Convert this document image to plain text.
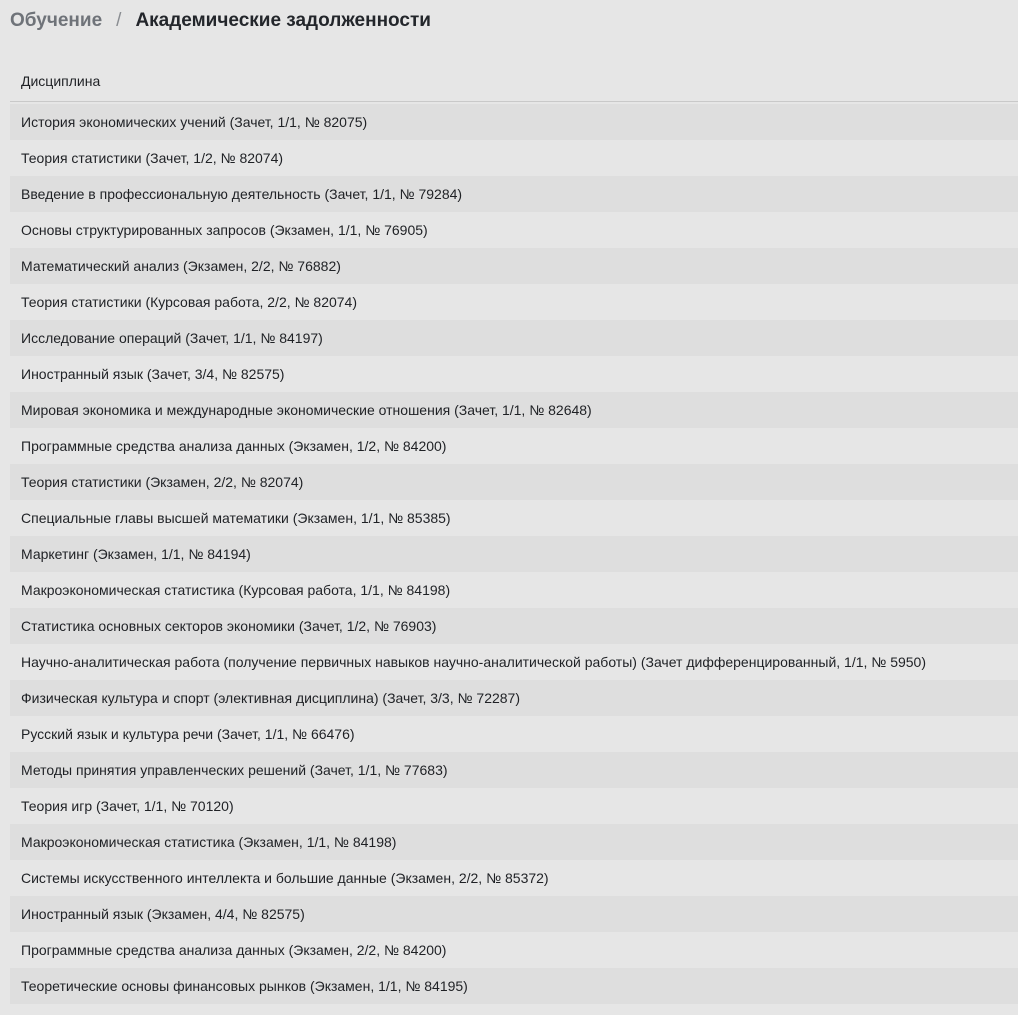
Обучение / Академические задолженности
Дисциплина
История экономических учений (Зачет, 1/1, № 82075)
Теория статистики (Зачет, 1/2, № 82074)
Введение в профессиональную деятельность (Зачет, 1/1, № 79284)
Основы структурированных запросов (Экзамен, 1/1, № 76905)
Математический анализ (Экзамен, 2/2, № 76882)
Теория статистики (Курсовая работа, 2/2, № 82074)
Исследование операций (Зачет, 1/1, № 84197)
Иностранный язык (Зачет, 3/4, № 82575)
Мировая экономика и международные экономические отношения (Зачет, 1/1, № 82648)
Программные средства анализа данных (Экзамен, 1/2, № 84200)
Теория статистики (Экзамен, 2/2, № 82074)
Специальные главы высшей математики (Экзамен, 1/1, № 85385)
Маркетинг (Экзамен, 1/1, № 84194)
Макроэкономическая статистика (Курсовая работа, 1/1, № 84198)
Статистика основных секторов экономики (Зачет, 1/2, № 76903)
Научно-аналитическая работа (получение первичных навыков научно-аналитической работы) (Зачет дифференцированный, 1/1, № 5950)
Физическая культура и спорт (элективная дисциплина) (Зачет, 3/3, № 72287)
Русский язык и культура речи (Зачет, 1/1, № 66476)
Методы принятия управленческих решений (Зачет, 1/1, № 77683)
Теория игр (Зачет, 1/1, № 70120)
Макроэкономическая статистика (Экзамен, 1/1, № 84198)
Системы искусственного интеллекта и большие данные (Экзамен, 2/2, № 85372)
Иностранный язык (Экзамен, 4/4, № 82575)
Программные средства анализа данных (Экзамен, 2/2, № 84200)
Теоретические основы финансовых рынков (Экзамен, 1/1, № 84195)
